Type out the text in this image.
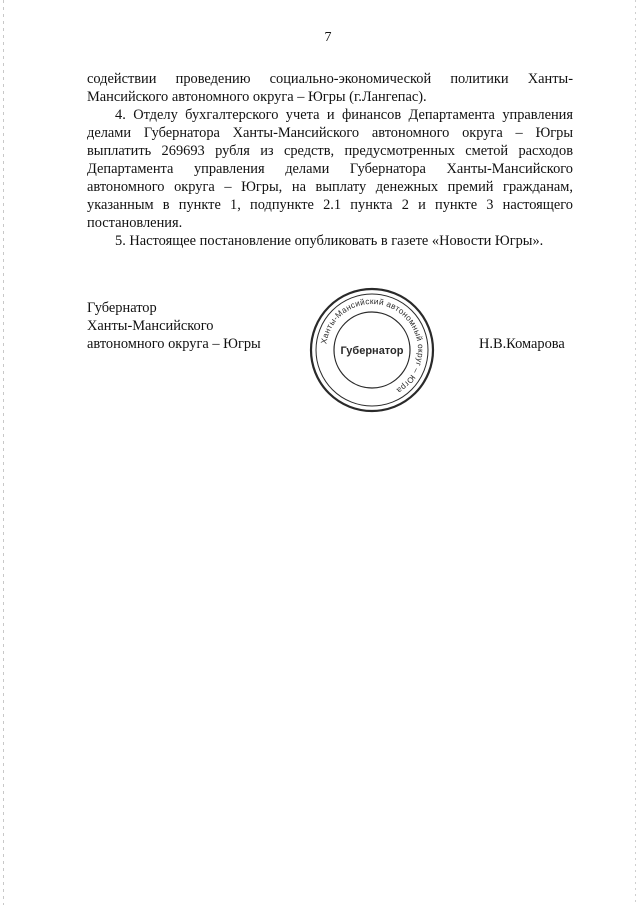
7

содействии проведению социально-экономической политики Ханты-Мансийского автономного округа – Югры (г.Лангепас).

4. Отделу бухгалтерского учета и финансов Департамента управления делами Губернатора Ханты-Мансийского автономного округа – Югры выплатить 269693 рубля из средств, предусмотренных сметой расходов Департамента управления делами Губернатора Ханты-Мансийского автономного округа – Югры, на выплату денежных премий гражданам, указанным в пункте 1, подпункте 2.1 пункта 2 и пункте 3 настоящего постановления.

5. Настоящее постановление опубликовать в газете «Новости Югры».

Губернатор
Ханты-Мансийского
автономного округа – Югры	Ханты-Мансийский автономный округ – Югра
Губернатор	Н.В.Комарова
